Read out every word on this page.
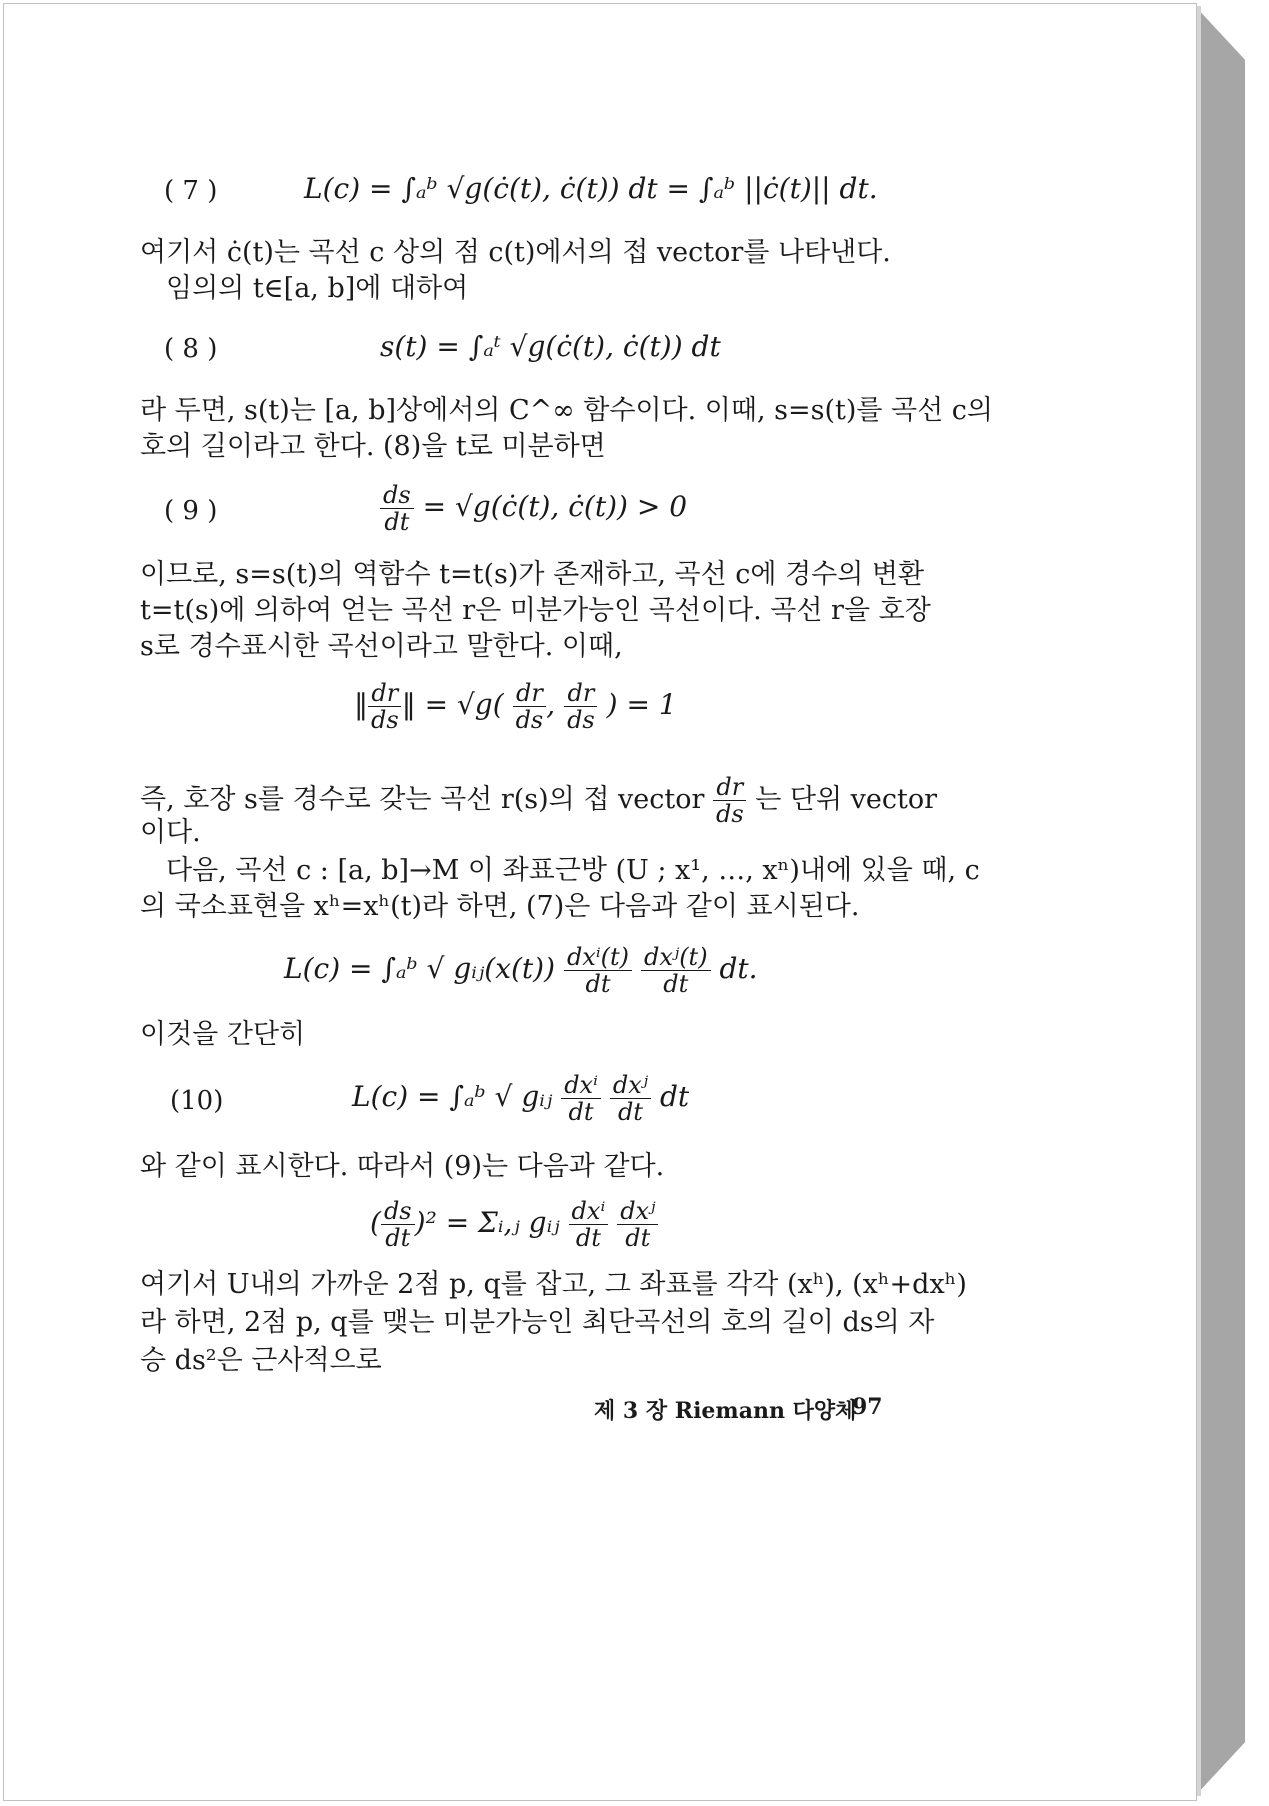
( 7 )	L(c) = ∫ₐᵇ √g(ċ(t), ċ(t)) dt = ∫ₐᵇ ||ċ(t)|| dt.
여기서 ċ(t)는 곡선 c 상의 점 c(t)에서의 접 vector를 나타낸다.
임의의 t∈[a, b]에 대하여
( 8 )	s(t) = ∫ₐᵗ √g(ċ(t), ċ(t)) dt
라 두면, s(t)는 [a, b]상에서의 C^∞ 함수이다. 이때, s=s(t)를 곡선 c의
호의 길이라고 한다. (8)을 t로 미분하면
( 9 )	$\frac{ds}{dt}$ = √g(ċ(t), ċ(t)) > 0
이므로, s=s(t)의 역함수 t=t(s)가 존재하고, 곡선 c에 경수의 변환
t=t(s)에 의하여 얻는 곡선 r은 미분가능인 곡선이다. 곡선 r을 호장
s로 경수표시한 곡선이라고 말한다. 이때,
‖ $\frac{dr}{ds}$ ‖ = $√g( \frac{dr}{ds}$ , $\frac{dr}{ds}$ ) = 1
즉, 호장 s를 경수로 갖는 곡선 r(s)의 접 vector $\frac{dr}{ds}$ 는 단위 vector
이다.
다음, 곡선 c : [a, b]→M 이 좌표근방 (U ; x¹, …, xⁿ)내에 있을 때, c
의 국소표현을 xʰ=xʰ(t)라 하면, (7)은 다음과 같이 표시된다.
L(c) = ∫ₐᵇ √ gᵢⱼ(x(t)) $\frac{\text{dxⁱ(t)}}{dt}$
$\frac{\text{dxʲ(t)}}{dt}$ dt.
이것을 간단히
(10)	L(c) = ∫ₐᵇ √ gᵢⱼ $\frac{\text{dxⁱ}}{dt}$
$\frac{\text{dxʲ}}{dt}$ dt
와 같이 표시한다. 따라서 (9)는 다음과 같다.
( $\frac{ds}{dt} )^2$ = Σᵢ,ⱼ gᵢⱼ $\frac{\text{dxⁱ}}{dt}$
$\frac{\text{dxʲ}}{dt}$
여기서 U내의 가까운 2점 p, q를 잡고, 그 좌표를 각각 (xʰ), (xʰ+dxʰ)
라 하면, 2점 p, q를 맺는 미분가능인 최단곡선의 호의 길이 ds의 자
승 ds²은 근사적으로
제 3 장 Riemann 다양체
97
